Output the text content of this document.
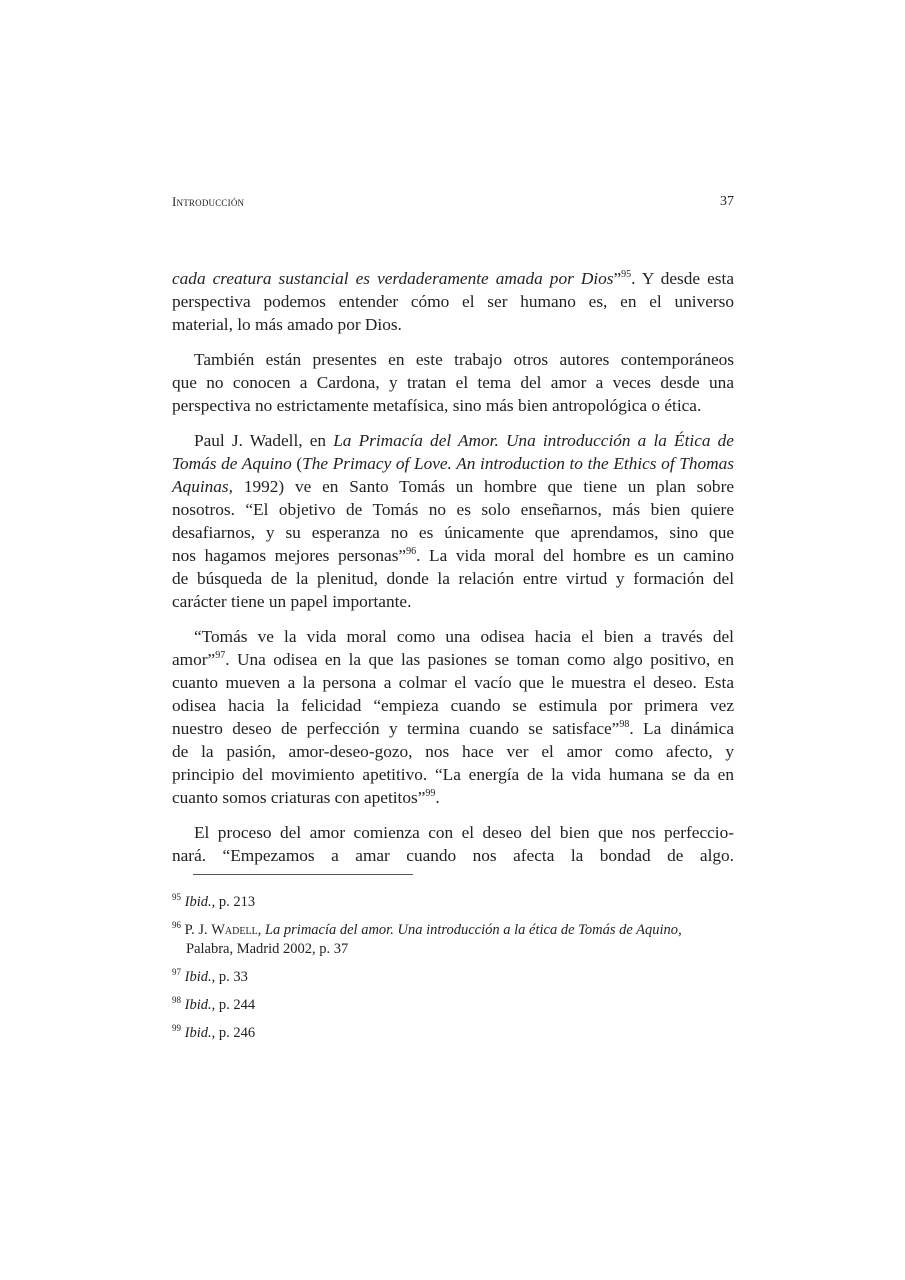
Introducción	37
cada creatura sustancial es verdaderamente amada por Dios”$^{95}$. Y desde esta
perspectiva podemos entender cómo el ser humano es, en el universo
material, lo más amado por Dios.
También están presentes en este trabajo otros autores contemporáneos
que no conocen a Cardona, y tratan el tema del amor a veces desde una
perspectiva no estrictamente metafísica, sino más bien antropológica o ética.
Paul J. Wadell, en La Primacía del Amor. Una introducción a la Ética de
Tomás de Aquino (The Primacy of Love. An introduction to the Ethics of Thomas
Aquinas, 1992) ve en Santo Tomás un hombre que tiene un plan sobre
nosotros. “El objetivo de Tomás no es solo enseñarnos, más bien quiere
desafiarnos, y su esperanza no es únicamente que aprendamos, sino que
nos hagamos mejores personas”$^{96}$. La vida moral del hombre es un camino
de búsqueda de la plenitud, donde la relación entre virtud y formación del
carácter tiene un papel importante.
“Tomás ve la vida moral como una odisea hacia el bien a través del
amor”$^{97}$. Una odisea en la que las pasiones se toman como algo positivo, en
cuanto mueven a la persona a colmar el vacío que le muestra el deseo. Esta
odisea hacia la felicidad “empieza cuando se estimula por primera vez
nuestro deseo de perfección y termina cuando se satisface”$^{98}$. La dinámica
de la pasión, amor-deseo-gozo, nos hace ver el amor como afecto, y
principio del movimiento apetitivo. “La energía de la vida humana se da en
cuanto somos criaturas con apetitos”$^{99}$.
El proceso del amor comienza con el deseo del bien que nos perfeccio-
nará. “Empezamos a amar cuando nos afecta la bondad de algo.
$^{95}$ Ibid., p. 213
$^{96}$ P. J. Wadell, La primacía del amor. Una introducción a la ética de Tomás de Aquino,
Palabra, Madrid 2002, p. 37
$^{97}$ Ibid., p. 33
$^{98}$ Ibid., p. 244
$^{99}$ Ibid., p. 246
